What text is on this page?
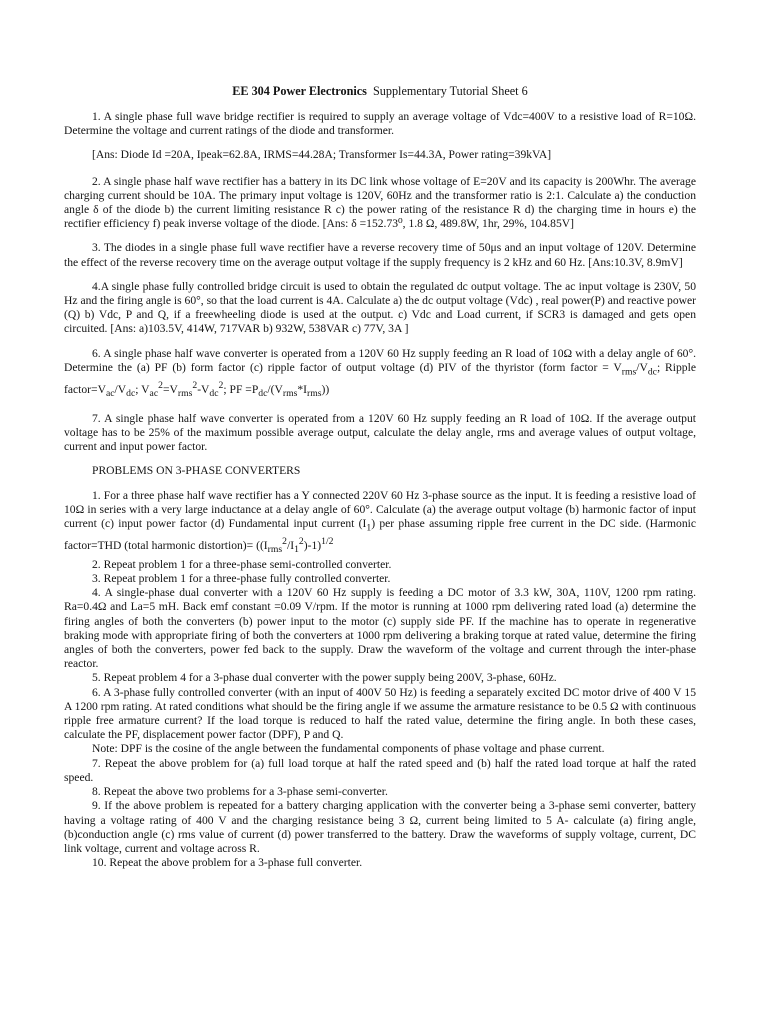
EE 304 Power Electronics Supplementary Tutorial Sheet 6

1. A single phase full wave bridge rectifier is required to supply an average voltage of Vdc=400V to a resistive load of R=10Ω. Determine the voltage and current ratings of the diode and transformer.

[Ans: Diode Id =20A, Ipeak=62.8A, IRMS=44.28A; Transformer Is=44.3A, Power rating=39kVA]

2. A single phase half wave rectifier has a battery in its DC link whose voltage of E=20V and its capacity is 200Whr. The average charging current should be 10A. The primary input voltage is 120V, 60Hz and the transformer ratio is 2:1. Calculate a) the conduction angle δ of the diode b) the current limiting resistance R c) the power rating of the resistance R d) the charging time in hours e) the rectifier efficiency f) peak inverse voltage of the diode. [Ans: δ =152.73⁰, 1.8 Ω, 489.8W, 1hr, 29%, 104.85V]

3. The diodes in a single phase full wave rectifier have a reverse recovery time of 50μs and an input voltage of 120V. Determine the effect of the reverse recovery time on the average output voltage if the supply frequency is 2 kHz and 60 Hz. [Ans:10.3V, 8.9mV]

4.A single phase fully controlled bridge circuit is used to obtain the regulated dc output voltage. The ac input voltage is 230V, 50 Hz and the firing angle is 60°, so that the load current is 4A. Calculate a) the dc output voltage (Vdc) , real power(P) and reactive power (Q) b) Vdc, P and Q, if a freewheeling diode is used at the output. c) Vdc and Load current, if SCR3 is damaged and gets open circuited. [Ans: a)103.5V, 414W, 717VAR b) 932W, 538VAR c) 77V, 3A ]

6. A single phase half wave converter is operated from a 120V 60 Hz supply feeding an R load of 10Ω with a delay angle of 60°. Determine the (a) PF (b) form factor (c) ripple factor of output voltage (d) PIV of the thyristor (form factor = $V_{rms}/V_{dc}$; Ripple $factor=V_{ac}/V_{dc}$; $V_{ac}^2=V_{rms}^2-V_{dc}^2$; PF $=P_{dc}/(V_{rms}*I_{rms})$)

7. A single phase half wave converter is operated from a 120V 60 Hz supply feeding an R load of 10Ω. If the average output voltage has to be 25% of the maximum possible average output, calculate the delay angle, rms and average values of output voltage, current and input power factor.

PROBLEMS ON 3-PHASE CONVERTERS

1. For a three phase half wave rectifier has a Y connected 220V 60 Hz 3-phase source as the input. It is feeding a resistive load of 10Ω in series with a very large inductance at a delay angle of 60°. Calculate (a) the average output voltage (b) harmonic factor of input current (c) input power factor (d) Fundamental input current $(I_1)$ per phase assuming ripple free current in the DC side. (Harmonic factor=THD (total harmonic distortion)= $((I_{rms}^2/I_1^2)-1)^{1/2}$

2. Repeat problem 1 for a three-phase semi-controlled converter.

3. Repeat problem 1 for a three-phase fully controlled converter.

4. A single-phase dual converter with a 120V 60 Hz supply is feeding a DC motor of 3.3 kW, 30A, 110V, 1200 rpm rating. Ra=0.4Ω and La=5 mH. Back emf constant =0.09 V/rpm. If the motor is running at 1000 rpm delivering rated load (a) determine the firing angles of both the converters (b) power input to the motor (c) supply side PF. If the machine has to operate in regenerative braking mode with appropriate firing of both the converters at 1000 rpm delivering a braking torque at rated value, determine the firing angles of both the converters, power fed back to the supply. Draw the waveform of the voltage and current through the inter-phase reactor.

5. Repeat problem 4 for a 3-phase dual converter with the power supply being 200V, 3-phase, 60Hz.

6. A 3-phase fully controlled converter (with an input of 400V 50 Hz) is feeding a separately excited DC motor drive of 400 V 15 A 1200 rpm rating. At rated conditions what should be the firing angle if we assume the armature resistance to be 0.5 Ω with continuous ripple free armature current? If the load torque is reduced to half the rated value, determine the firing angle. In both these cases, calculate the PF, displacement power factor (DPF), P and Q.

Note: DPF is the cosine of the angle between the fundamental components of phase voltage and phase current.

7. Repeat the above problem for (a) full load torque at half the rated speed and (b) half the rated load torque at half the rated speed.

8. Repeat the above two problems for a 3-phase semi-converter.

9. If the above problem is repeated for a battery charging application with the converter being a 3-phase semi converter, battery having a voltage rating of 400 V and the charging resistance being 3 Ω, current being limited to 5 A- calculate (a) firing angle, (b)conduction angle (c) rms value of current (d) power transferred to the battery. Draw the waveforms of supply voltage, current, DC link voltage, current and voltage across R.

10. Repeat the above problem for a 3-phase full converter.
